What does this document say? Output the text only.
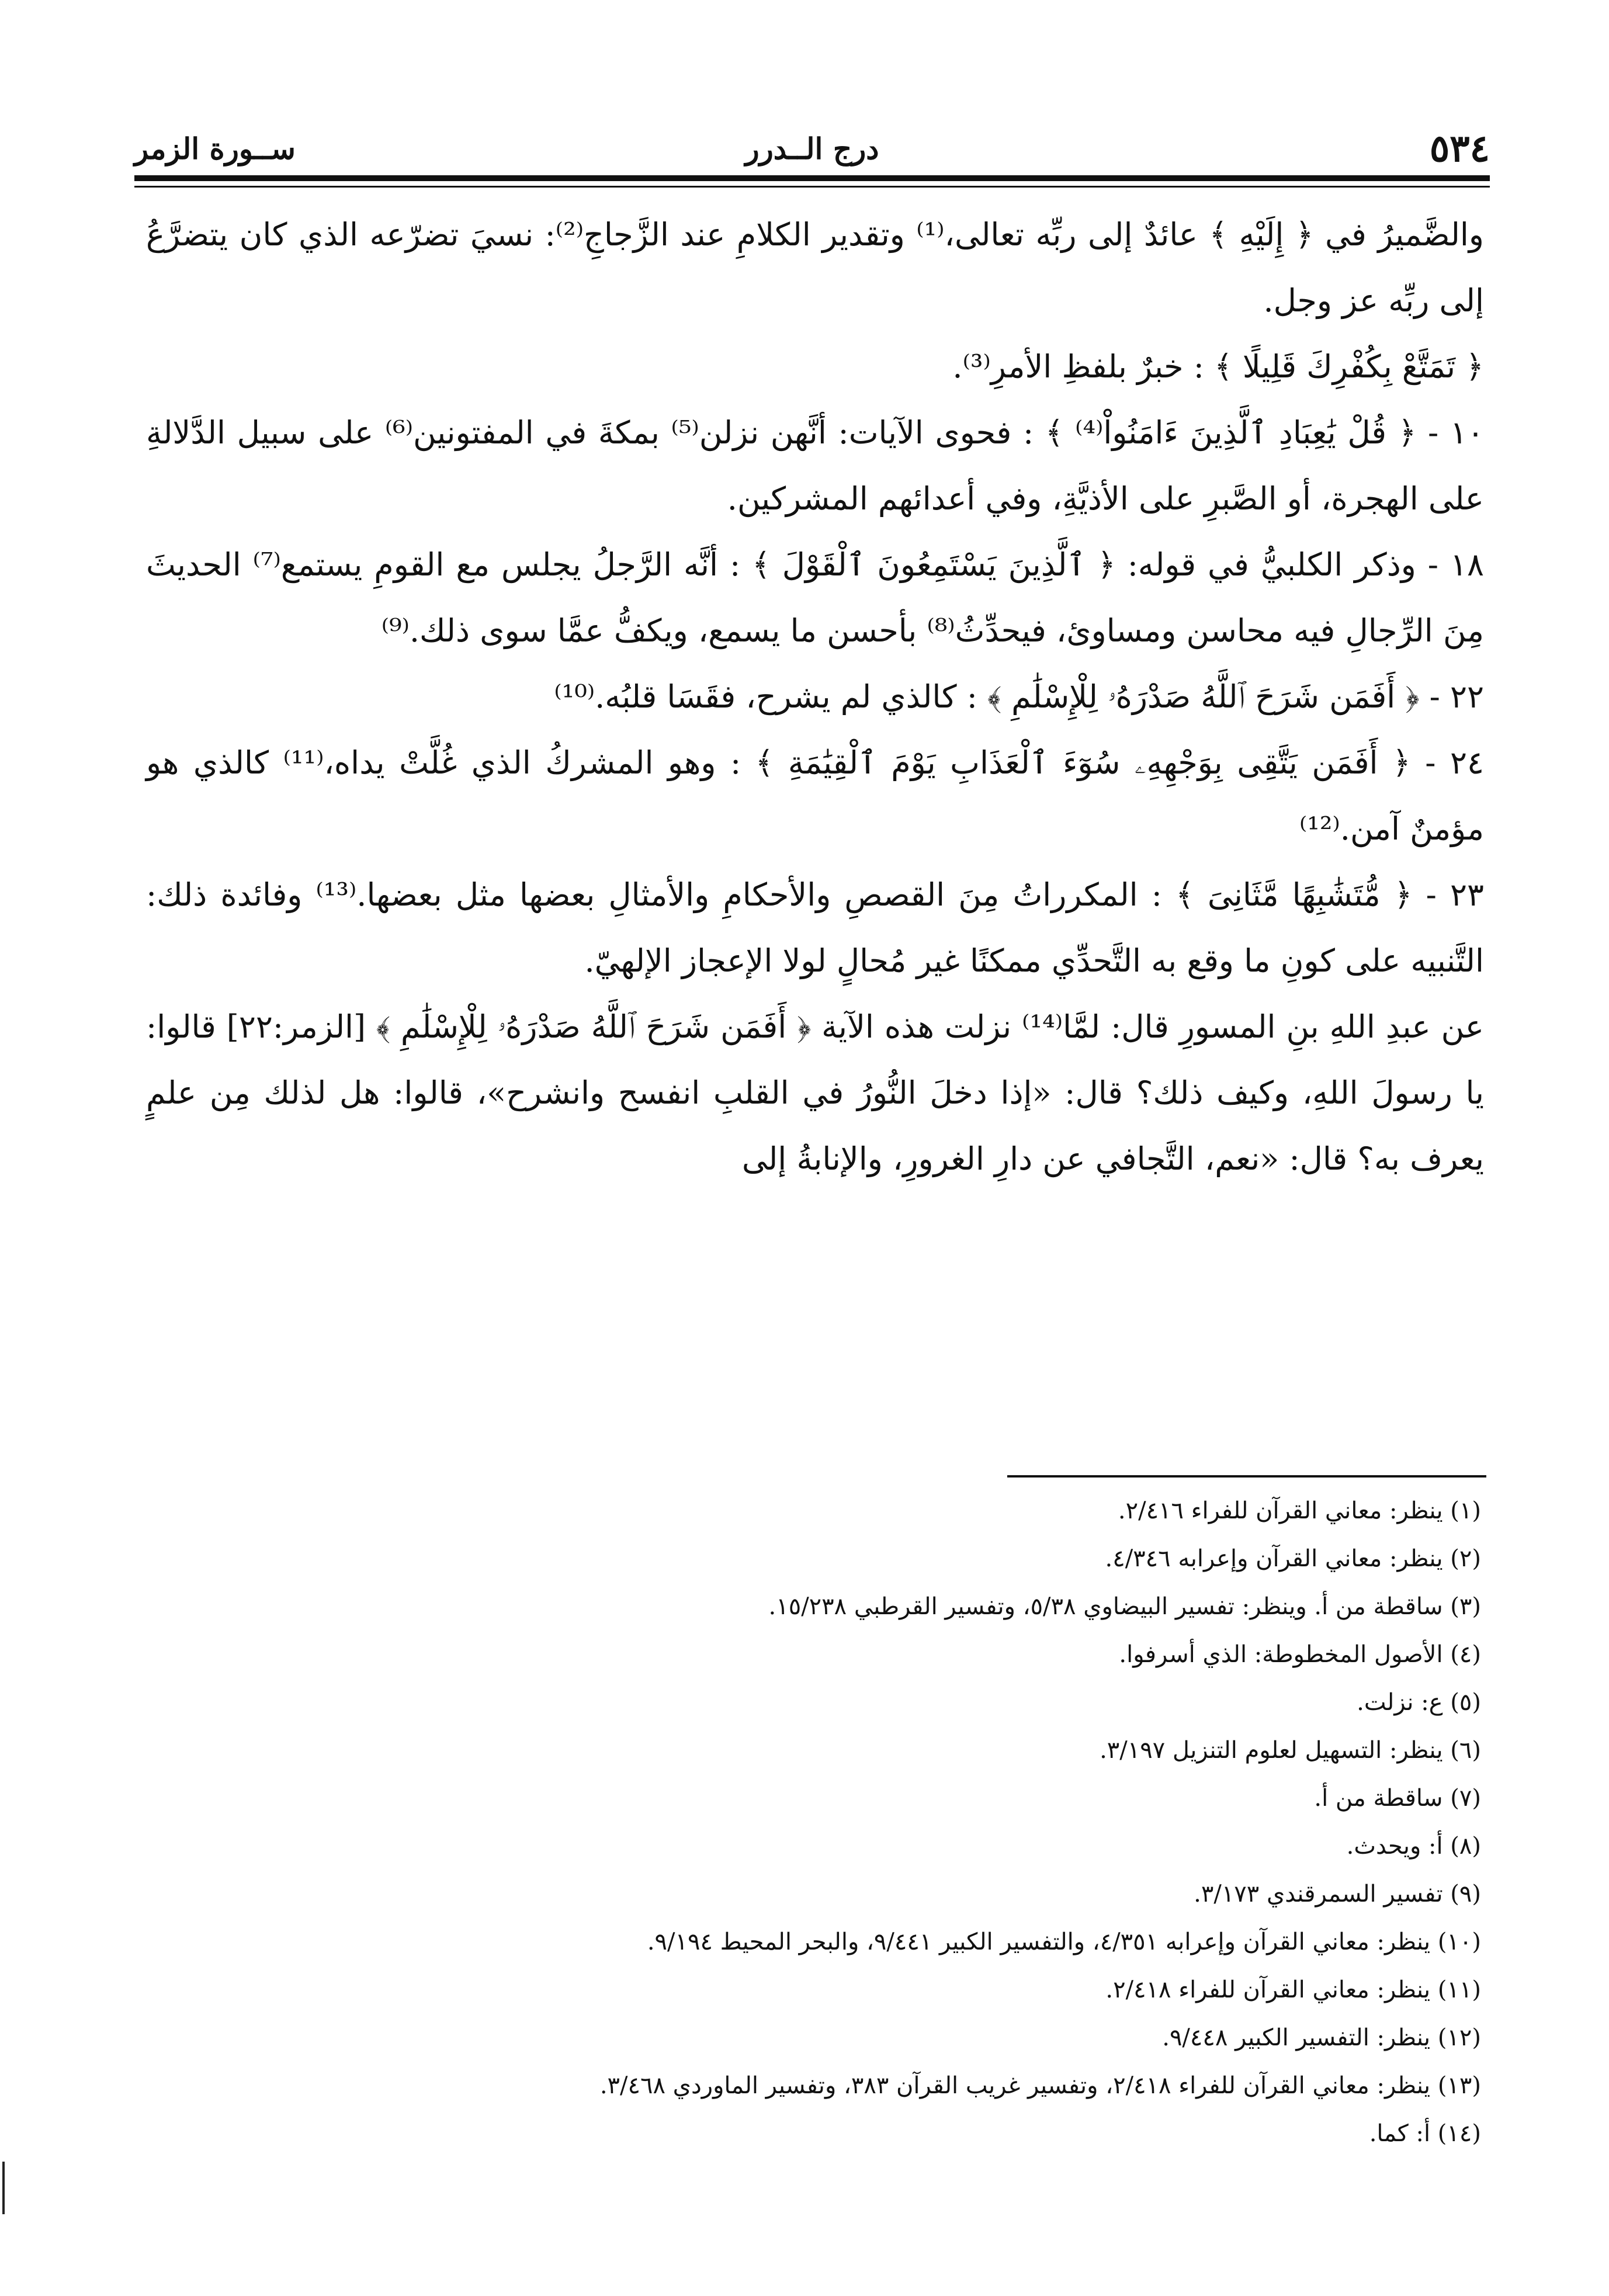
٥٣٤
درج الــدرر
ســورة الزمر

والضَّميرُ في ﴿ إِلَيْهِ ﴾ عائدٌ إلى ربِّه تعالى،⁽¹⁾ وتقدير الكلامِ عند الزَّجاجِ⁽²⁾: نسيَ تضرّعه الذي كان يتضرَّعُ إلى ربِّه عز وجل.

﴿ تَمَتَّعْ بِكُفْرِكَ قَلِيلًا ﴾ : خبرٌ بلفظِ الأمرِ⁽³⁾.

١٠ - ﴿ قُلْ يَٰعِبَادِ ٱلَّذِينَ ءَامَنُواْ⁽⁴⁾ ﴾ : فحوى الآيات: أنَّهن نزلن⁽⁵⁾ بمكةَ في المفتونين⁽⁶⁾ على سبيل الدَّلالةِ على الهجرة، أو الصَّبرِ على الأذيَّةِ، وفي أعدائهم المشركين.

١٨ - وذكر الكلبيُّ في قوله: ﴿ ٱلَّذِينَ يَسْتَمِعُونَ ٱلْقَوْلَ ﴾ : أنَّه الرَّجلُ يجلس مع القومِ يستمع⁽⁷⁾ الحديثَ مِنَ الرِّجالِ فيه محاسن ومساوئ، فيحدِّثُ⁽⁸⁾ بأحسن ما يسمع، ويكفُّ عمَّا سوى ذلك.⁽⁹⁾

٢٢ - ﴿ أَفَمَن شَرَحَ ٱللَّهُ صَدْرَهُۥ لِلْإِسْلَٰمِ ﴾ : كالذي لم يشرح، فقَسَا قلبُه.⁽¹⁰⁾

٢٤ - ﴿ أَفَمَن يَتَّقِى بِوَجْهِهِۦ سُوٓءَ ٱلْعَذَابِ يَوْمَ ٱلْقِيَٰمَةِ ﴾ : وهو المشركُ الذي غُلَّتْ يداه،⁽¹¹⁾ كالذي هو مؤمنٌ آمن.⁽¹²⁾

٢٣ - ﴿ مُّتَشَٰبِهًا مَّثَانِىَ ﴾ : المكرراتُ مِنَ القصصِ والأحكامِ والأمثالِ بعضها مثل بعضها.⁽¹³⁾ وفائدة ذلك: التَّنبيه على كونِ ما وقع به التَّحدِّي ممكنًا غير مُحالٍ لولا الإعجاز الإلهيّ.

عن عبدِ اللهِ بنِ المسورِ قال: لمَّا⁽¹⁴⁾ نزلت هذه الآية ﴿ أَفَمَن شَرَحَ ٱللَّهُ صَدْرَهُۥ لِلْإِسْلَٰمِ ﴾ [الزمر:٢٢] قالوا: يا رسولَ اللهِ، وكيف ذلك؟ قال: «إذا دخلَ النُّورُ في القلبِ انفسح وانشرح»، قالوا: هل لذلك مِن علمٍ يعرف به؟ قال: «نعم، التَّجافي عن دارِ الغرورِ، والإنابةُ إلى

(١) ينظر: معاني القرآن للفراء ٢/٤١٦.
(٢) ينظر: معاني القرآن وإعرابه ٤/٣٤٦.
(٣) ساقطة من أ. وينظر: تفسير البيضاوي ٥/٣٨، وتفسير القرطبي ١٥/٢٣٨.
(٤) الأصول المخطوطة: الذي أسرفوا.
(٥) ع: نزلت.
(٦) ينظر: التسهيل لعلوم التنزيل ٣/١٩٧.
(٧) ساقطة من أ.
(٨) أ: ويحدث.
(٩) تفسير السمرقندي ٣/١٧٣.
(١٠) ينظر: معاني القرآن وإعرابه ٤/٣٥١، والتفسير الكبير ٩/٤٤١، والبحر المحيط ٩/١٩٤.
(١١) ينظر: معاني القرآن للفراء ٢/٤١٨.
(١٢) ينظر: التفسير الكبير ٩/٤٤٨.
(١٣) ينظر: معاني القرآن للفراء ٢/٤١٨، وتفسير غريب القرآن ٣٨٣، وتفسير الماوردي ٣/٤٦٨.
(١٤) أ: كما.
